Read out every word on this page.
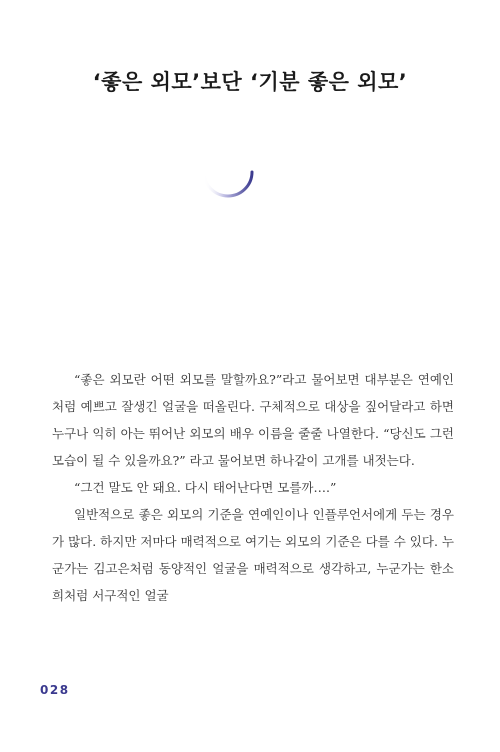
‘좋은 외모’보단 ‘기분 좋은 외모’

“좋은 외모란 어떤 외모를 말할까요?”라고 물어보면 대부분은 연예인처럼 예쁘고 잘생긴 얼굴을 떠올린다. 구체적으로 대상을 짚어달라고 하면 누구나 익히 아는 뛰어난 외모의 배우 이름을 줄줄 나열한다. “당신도 그런 모습이 될 수 있을까요?” 라고 물어보면 하나같이 고개를 내젓는다.

“그건 말도 안 돼요. 다시 태어난다면 모를까….”

일반적으로 좋은 외모의 기준을 연예인이나 인플루언서에게 두는 경우가 많다. 하지만 저마다 매력적으로 여기는 외모의 기준은 다를 수 있다. 누군가는 김고은처럼 동양적인 얼굴을 매력적으로 생각하고, 누군가는 한소희처럼 서구적인 얼굴

028
